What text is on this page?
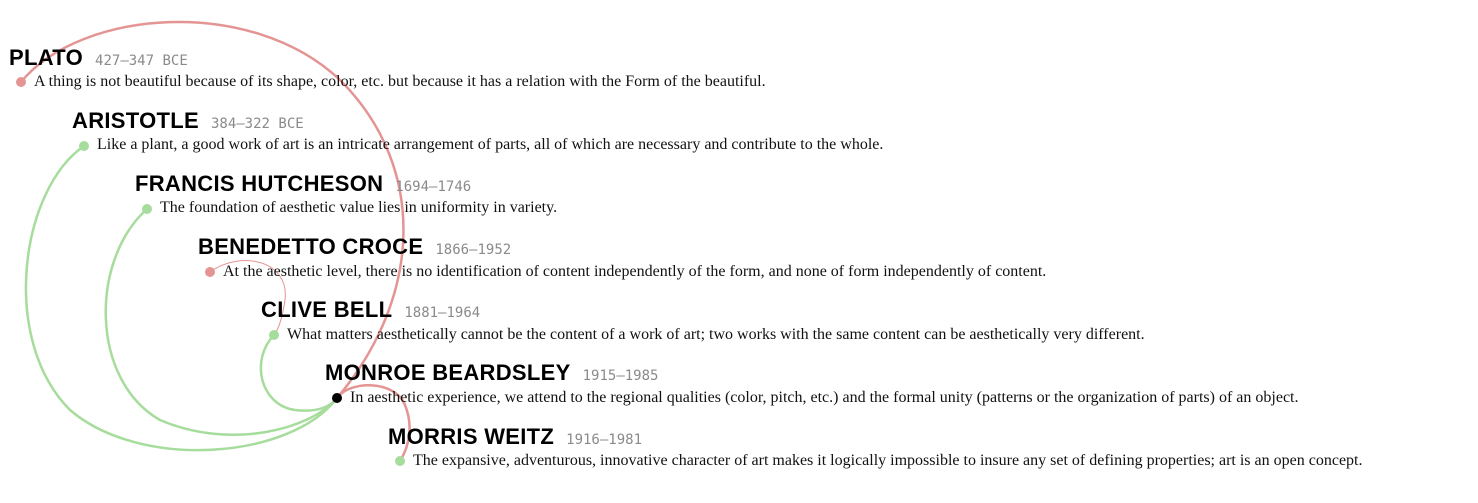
PLATO 427–347 BCE
A thing is not beautiful because of its shape, color, etc. but because it has a relation with the Form of the beautiful.
ARISTOTLE 384–322 BCE
Like a plant, a good work of art is an intricate arrangement of parts, all of which are necessary and contribute to the whole.
FRANCIS HUTCHESON 1694–1746
The foundation of aesthetic value lies in uniformity in variety.
BENEDETTO CROCE 1866–1952
At the aesthetic level, there is no identification of content independently of the form, and none of form independently of content.
CLIVE BELL 1881–1964
What matters aesthetically cannot be the content of a work of art; two works with the same content can be aesthetically very different.
MONROE BEARDSLEY 1915–1985
In aesthetic experience, we attend to the regional qualities (color, pitch, etc.) and the formal unity (patterns or the organization of parts) of an object.
MORRIS WEITZ 1916–1981
The expansive, adventurous, innovative character of art makes it logically impossible to insure any set of defining properties; art is an open concept.
